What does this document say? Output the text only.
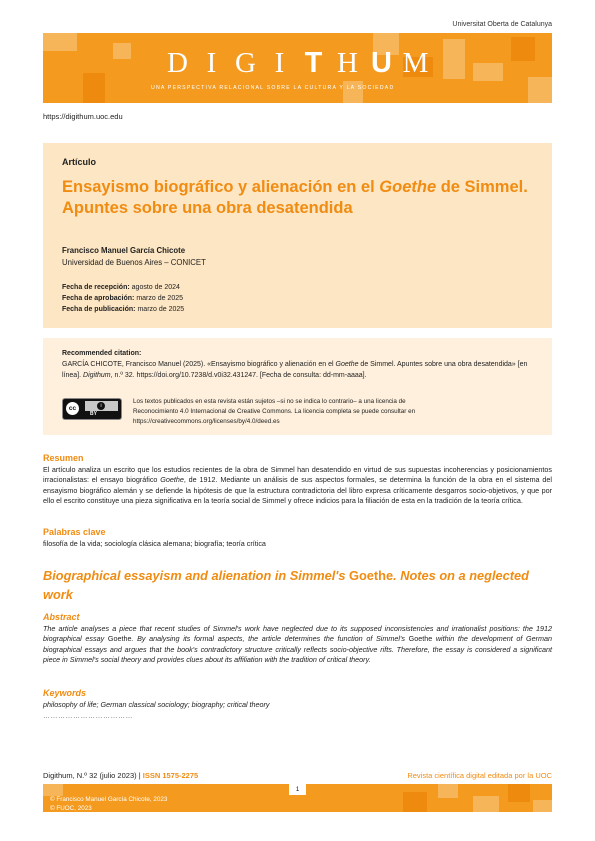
Universitat Oberta de Catalunya
D I G I T H U M
UNA PERSPECTIVA RELACIONAL SOBRE LA CULTURA Y LA SOCIEDAD
https://digithum.uoc.edu
Artículo
Ensayismo biográfico y alienación en el Goethe de Simmel. Apuntes sobre una obra desatendida
Francisco Manuel García Chicote
Universidad de Buenos Aires – CONICET
Fecha de recepción: agosto de 2024
Fecha de aprobación: marzo de 2025
Fecha de publicación: marzo de 2025
Recommended citation:
GARCÍA CHICOTE, Francisco Manuel (2025). «Ensayismo biográfico y alienación en el Goethe de Simmel. Apuntes sobre una obra desatendida» [en línea]. Digithum, n.º 32. https://doi.org/10.7238/d.v0i32.431247. [Fecha de consulta: dd-mm-aaaa].
cc	i
BY
Los textos publicados en esta revista están sujetos –si no se indica lo contrario– a una licencia de Reconocimiento 4.0 Internacional de Creative Commons. La licencia completa se puede consultar en https://creativecommons.org/licenses/by/4.0/deed.es
Resumen
El artículo analiza un escrito que los estudios recientes de la obra de Simmel han desatendido en virtud de sus supuestas incoherencias y posicionamientos irracionalistas: el ensayo biográfico Goethe, de 1912. Mediante un análisis de sus aspectos formales, se determina la función de la obra en el sistema del ensayismo biográfico alemán y se defiende la hipótesis de que la estructura contradictoria del libro expresa críticamente desgarros socio-objetivos, y que por ello el escrito constituye una pieza significativa en la teoría social de Simmel y ofrece indicios para la filiación de esta en la tradición de la teoría crítica.
Palabras clave
filosofía de la vida; sociología clásica alemana; biografía; teoría crítica
Biographical essayism and alienation in Simmel's Goethe. Notes on a neglected work
Abstract
The article analyses a piece that recent studies of Simmel's work have neglected due to its supposed inconsistencies and irrationalist positions: the 1912 biographical essay Goethe. By analysing its formal aspects, the article determines the function of Simmel's Goethe within the development of German biographical essays and argues that the book's contradictory structure critically reflects socio-objective rifts. Therefore, the essay is considered a significant piece in Simmel's social theory and provides clues about its affiliation with the tradition of critical theory.
Keywords
philosophy of life; German classical sociology; biography; critical theory
………………………………
Digithum, N.º 32 (julio 2023) | ISSN 1575-2275	Revista científica digital editada por la UOC
1
© Francisco Manuel García Chicote, 2023
© FUOC, 2023
